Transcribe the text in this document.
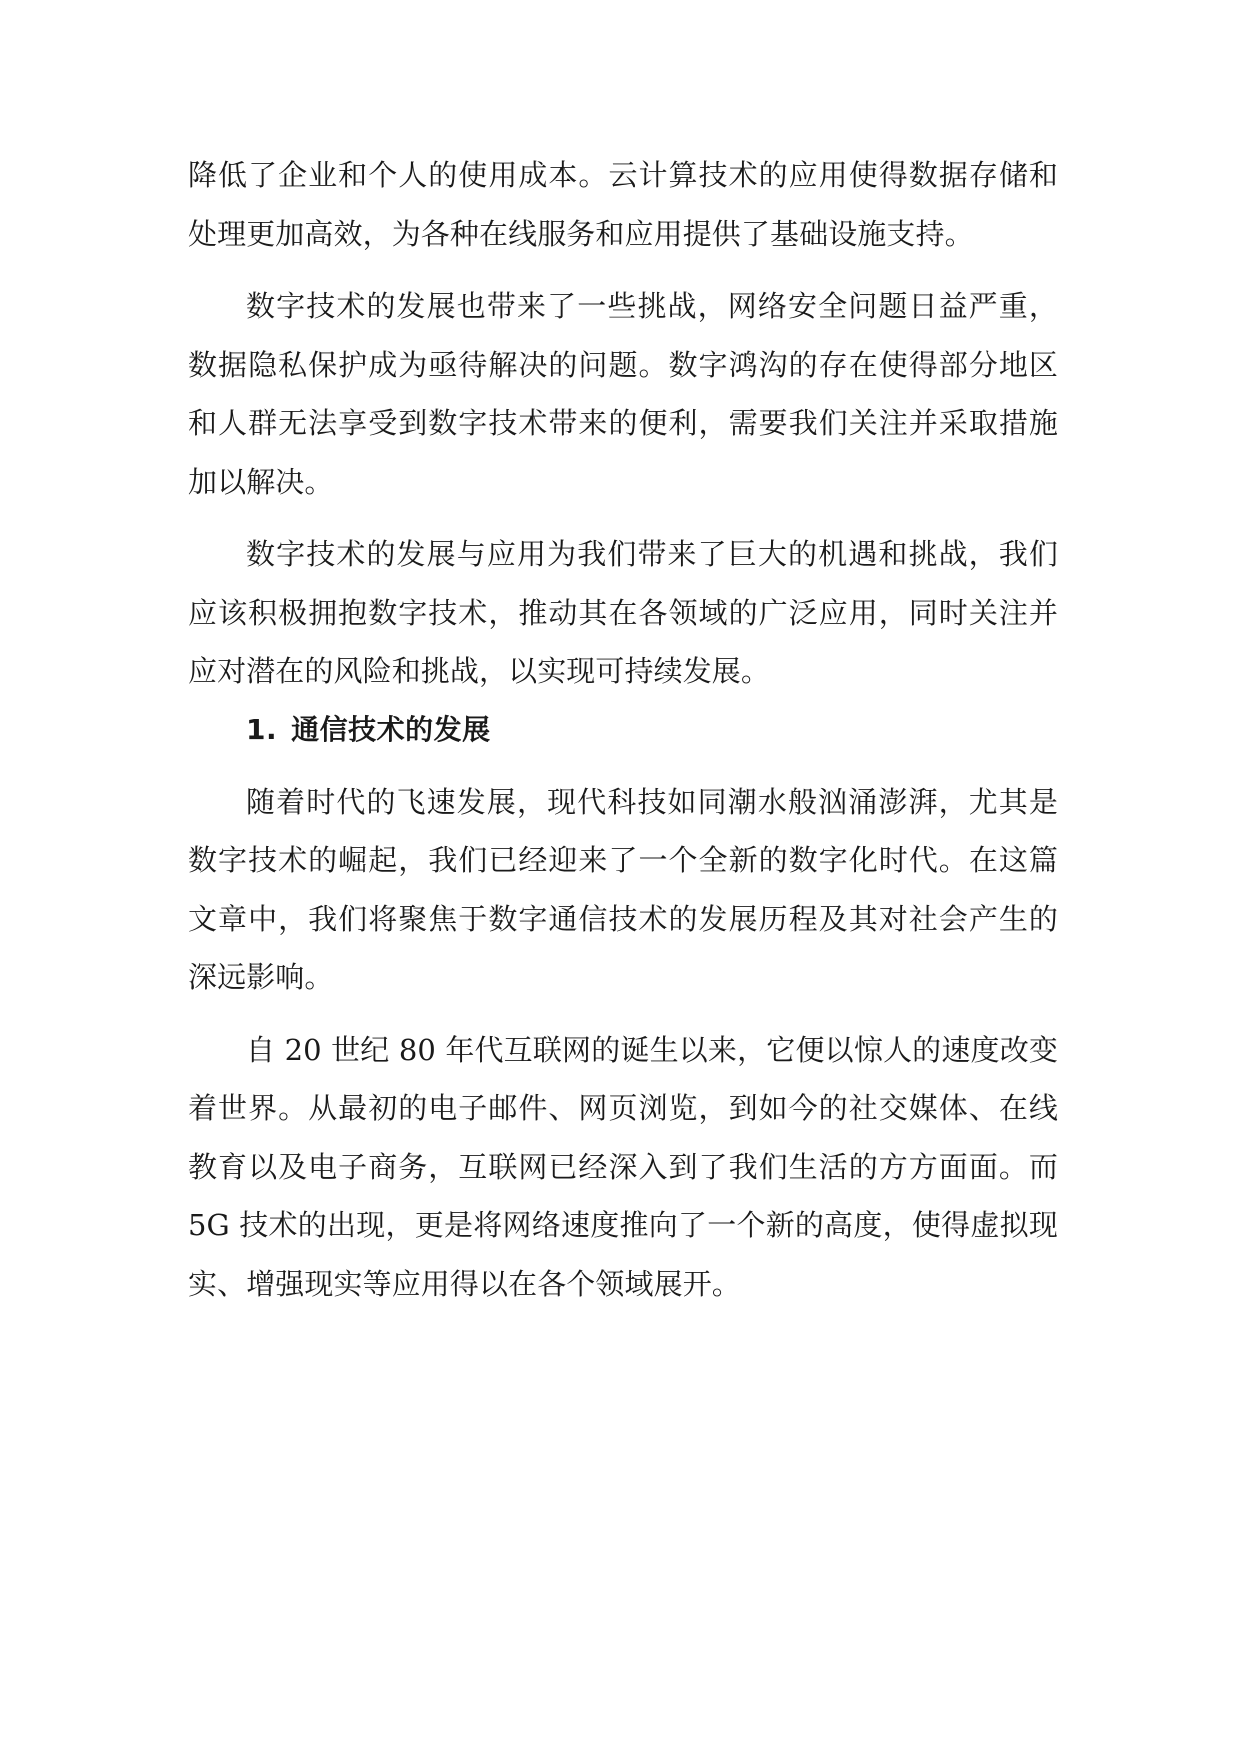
降低了企业和个人的使用成本。云计算技术的应用使得数据存储和处理更加高效，为各种在线服务和应用提供了基础设施支持。

数字技术的发展也带来了一些挑战，网络安全问题日益严重，数据隐私保护成为亟待解决的问题。数字鸿沟的存在使得部分地区和人群无法享受到数字技术带来的便利，需要我们关注并采取措施加以解决。

数字技术的发展与应用为我们带来了巨大的机遇和挑战，我们应该积极拥抱数字技术，推动其在各领域的广泛应用，同时关注并应对潜在的风险和挑战，以实现可持续发展。

1. 通信技术的发展

随着时代的飞速发展，现代科技如同潮水般汹涌澎湃，尤其是数字技术的崛起，我们已经迎来了一个全新的数字化时代。在这篇文章中，我们将聚焦于数字通信技术的发展历程及其对社会产生的深远影响。

自 20 世纪 80 年代互联网的诞生以来，它便以惊人的速度改变着世界。从最初的电子邮件、网页浏览，到如今的社交媒体、在线教育以及电子商务，互联网已经深入到了我们生活的方方面面。而 5G 技术的出现，更是将网络速度推向了一个新的高度，使得虚拟现实、增强现实等应用得以在各个领域展开。
